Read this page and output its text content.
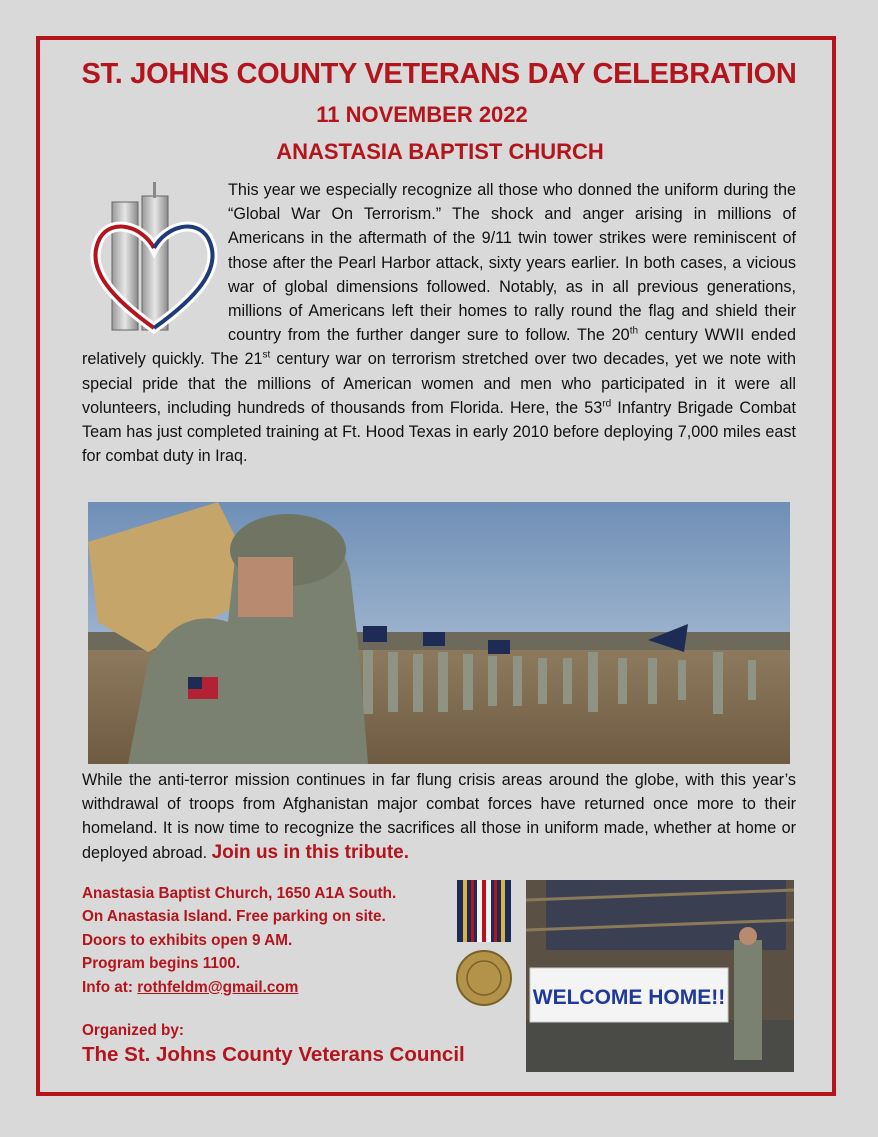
ST. JOHNS COUNTY VETERANS DAY CELEBRATION
11 NOVEMBER 2022
ANASTASIA BAPTIST CHURCH
This year we especially recognize all those who donned the uniform during the “Global War On Terrorism.” The shock and anger arising in millions of Americans in the aftermath of the 9/11 twin tower strikes were reminiscent of those after the Pearl Harbor attack, sixty years earlier. In both cases, a vicious war of global dimensions followed. Notably, as in all previous generations, millions of Americans left their homes to rally round the flag and shield their country from the further danger sure to follow. The 20th century WWII ended relatively quickly. The 21st century war on terrorism stretched over two decades, yet we note with special pride that the millions of American women and men who participated in it were all volunteers, including hundreds of thousands from Florida. Here, the 53rd Infantry Brigade Combat Team has just completed training at Ft. Hood Texas in early 2010 before deploying 7,000 miles east for combat duty in Iraq.
While the anti-terror mission continues in far flung crisis areas around the globe, with this year’s withdrawal of troops from Afghanistan major combat forces have returned once more to their homeland. It is now time to recognize the sacrifices all those in uniform made, whether at home or deployed abroad. Join us in this tribute.
Anastasia Baptist Church, 1650 A1A South.
On Anastasia Island. Free parking on site.
Doors to exhibits open 9 AM.
Program begins 1100.
Info at: rothfeldm@gmail.com
Organized by:
The St. Johns County Veterans Council
WELCOME HOME!!
